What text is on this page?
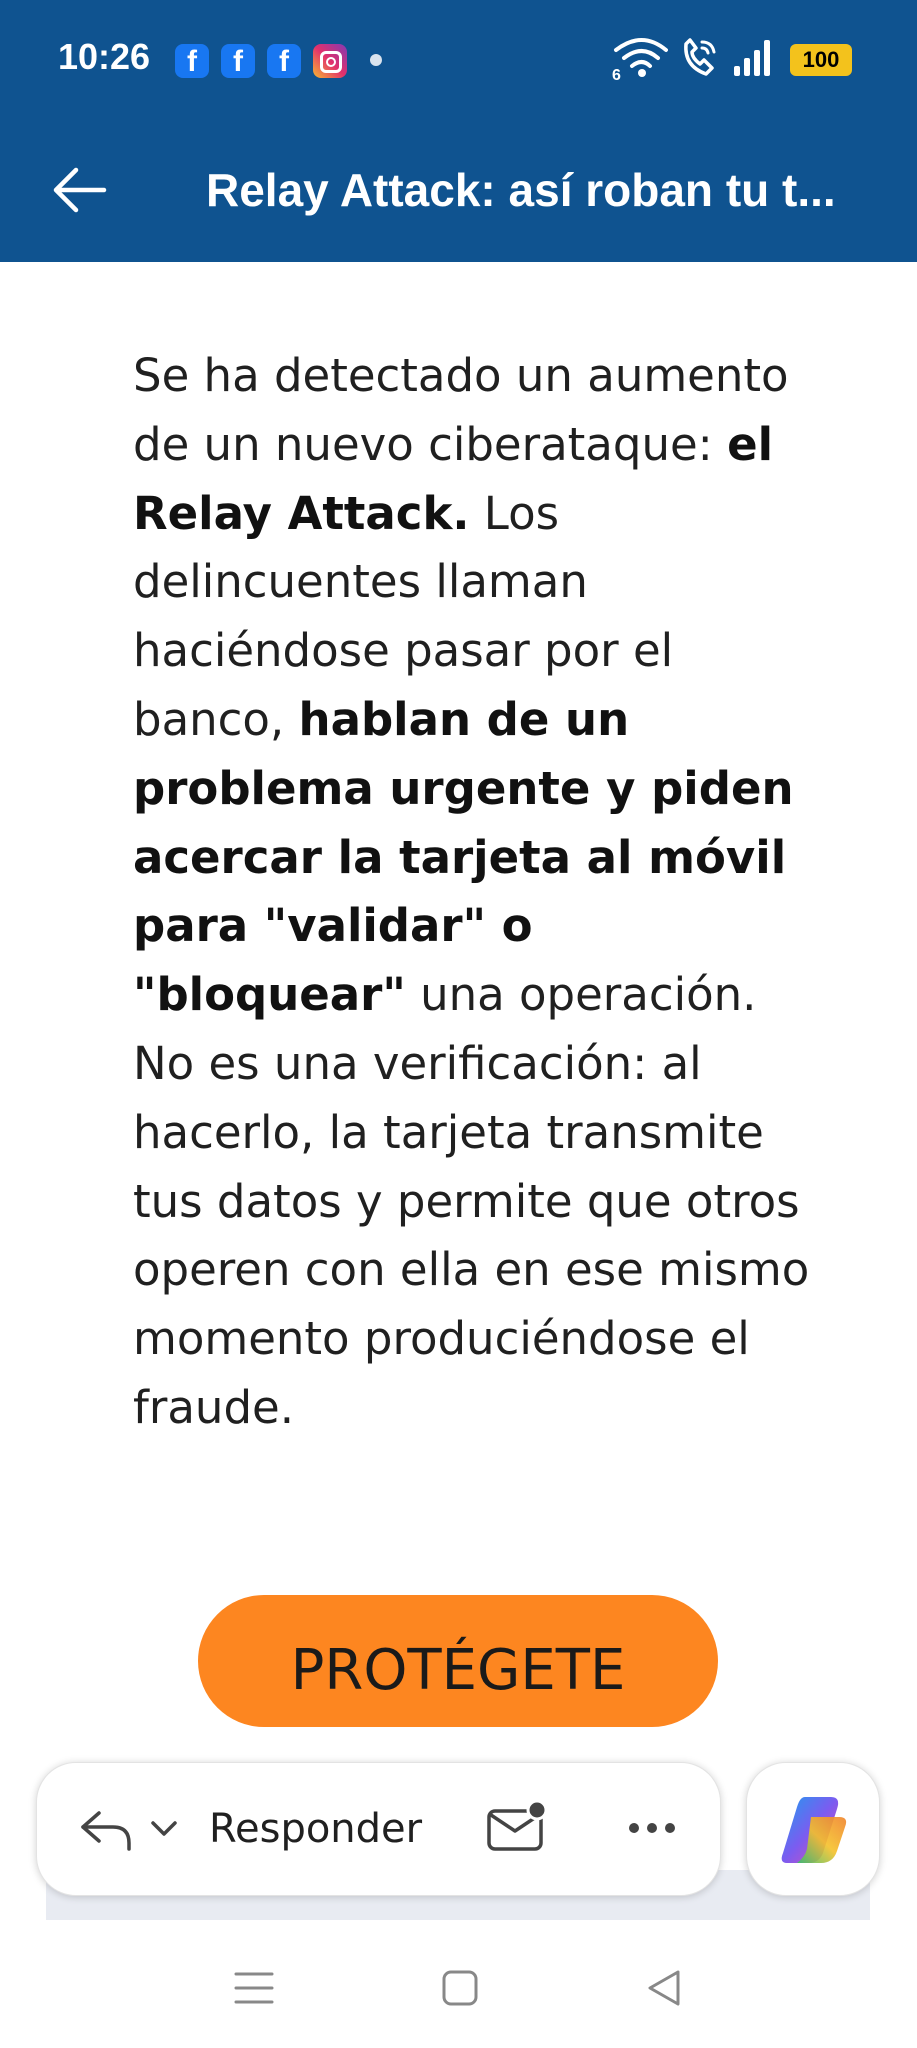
10:26	f	f	f	6
100
Relay Attack: así roban tu t...
Se ha detectado un aumento de un nuevo ciberataque: el Relay Attack. Los delincuentes llaman haciéndose pasar por el banco, hablan de un problema urgente y piden acercar la tarjeta al móvil para "validar" o "bloquear" una operación. No es una verificación: al hacerlo, la tarjeta transmite tus datos y permite que otros operen con ella en ese mismo momento produciéndose el fraude.
PROTÉGETE
Responder
